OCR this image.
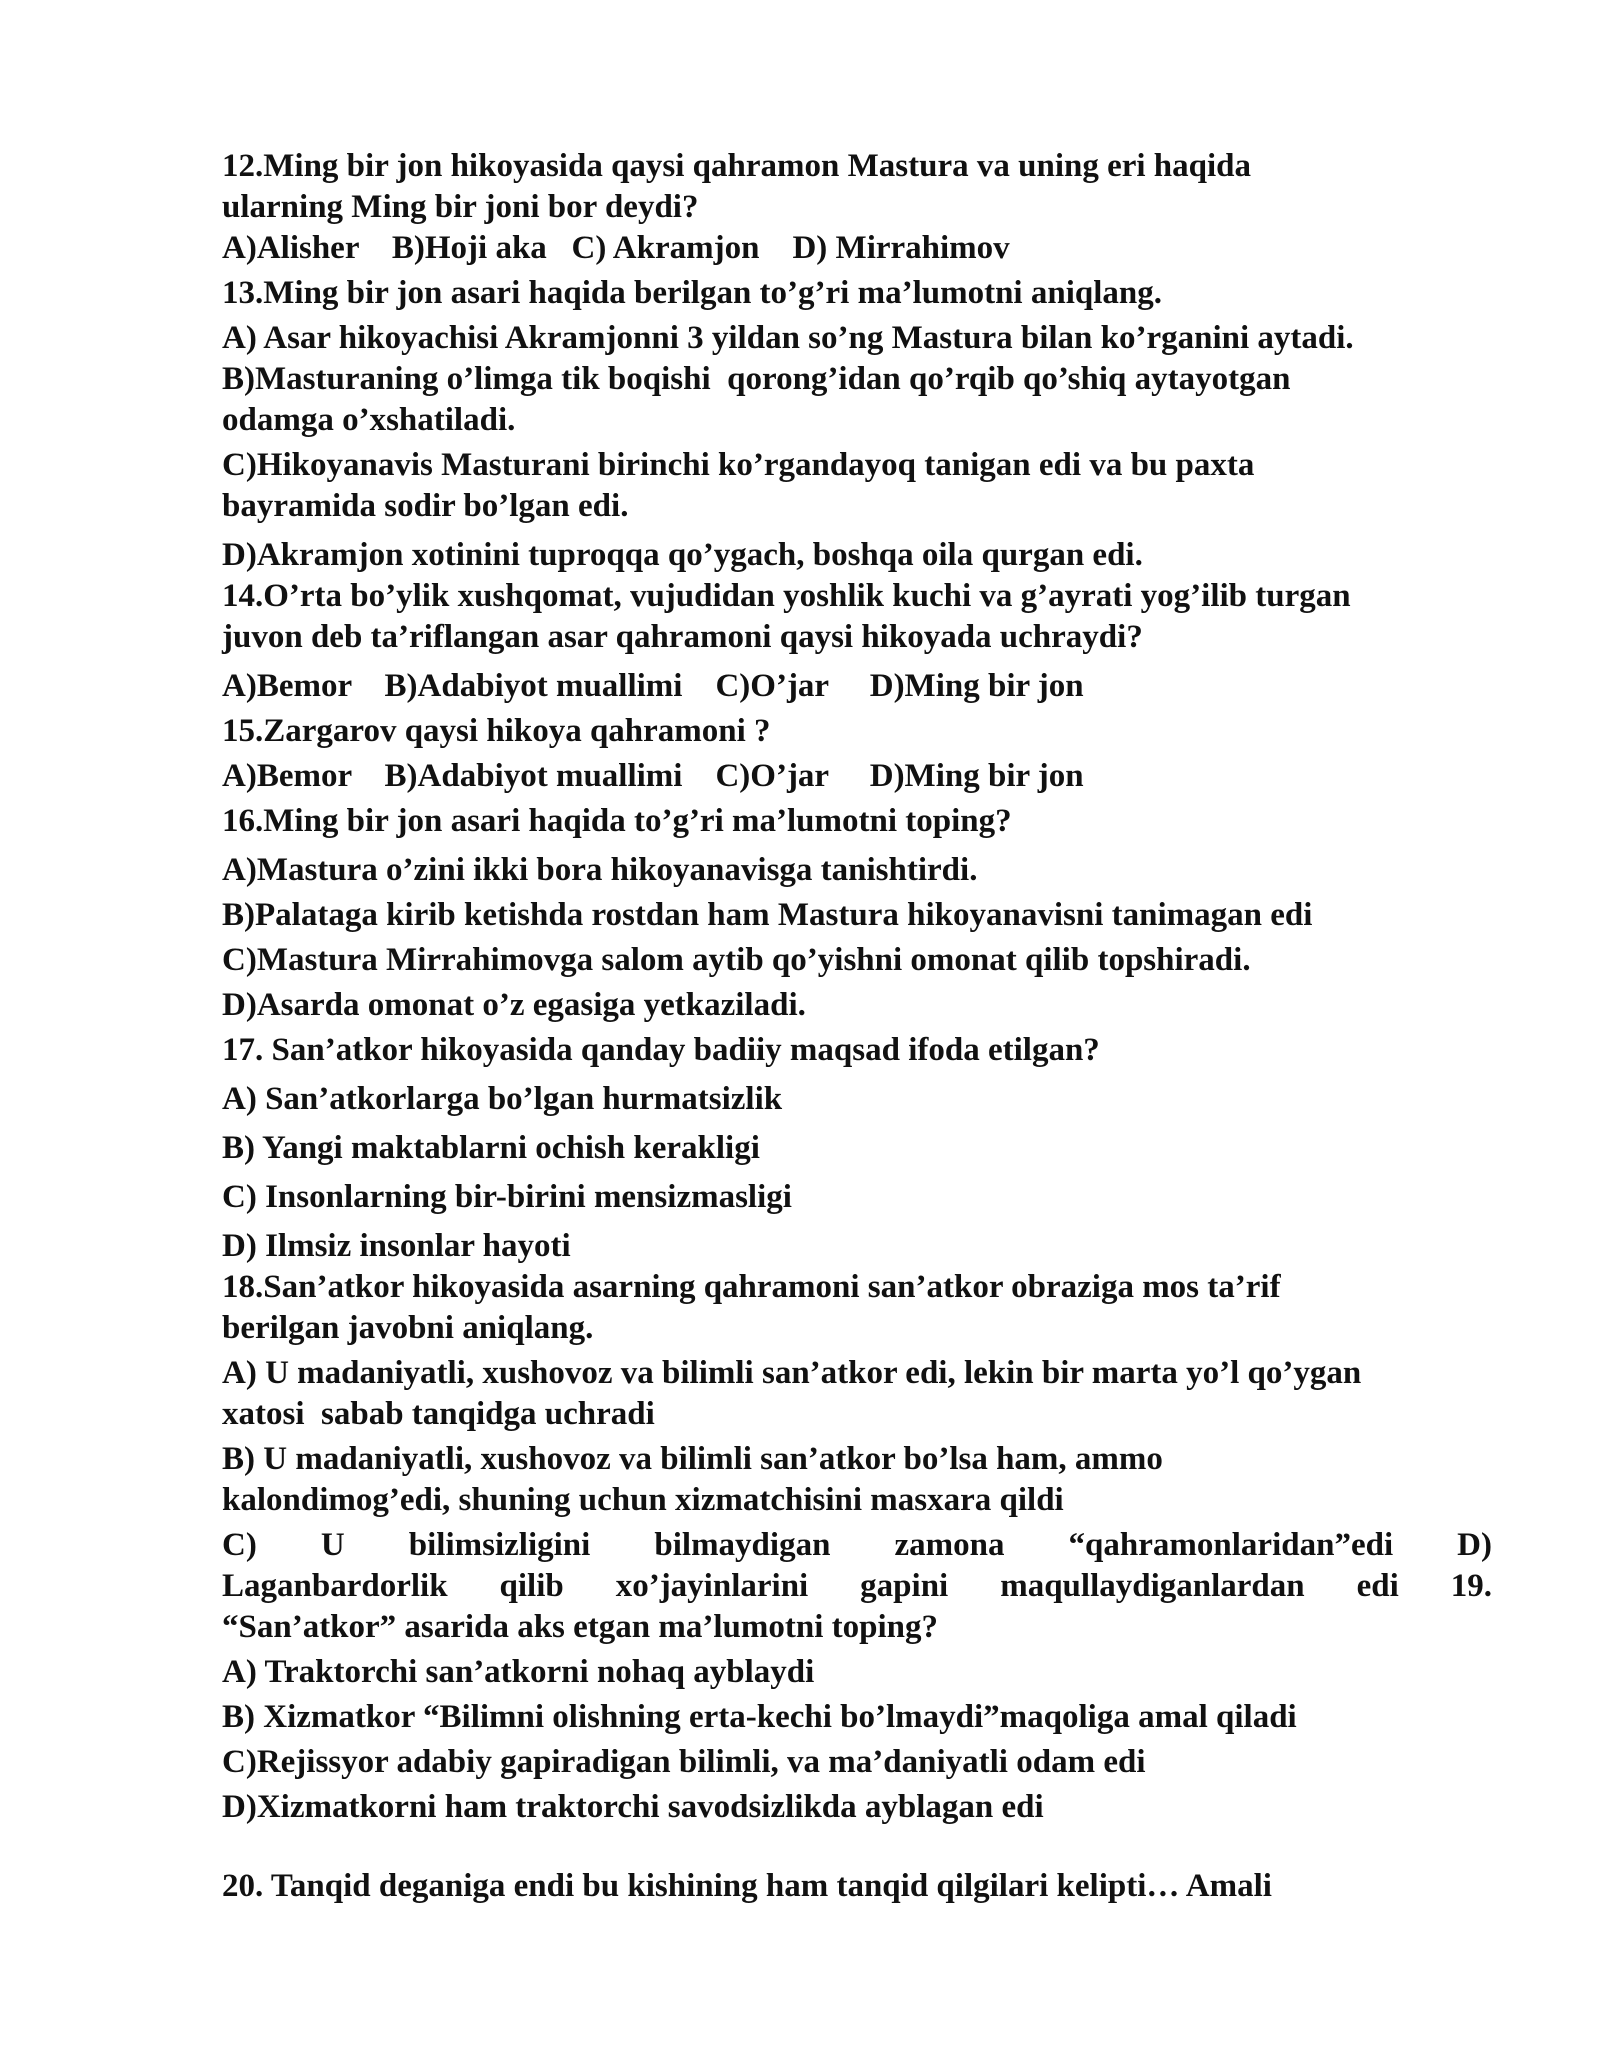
12.Ming bir jon hikoyasida qaysi qahramon Mastura va uning eri haqida
ularning Ming bir joni bor deydi?
A)Alisher    B)Hoji aka   C) Akramjon    D) Mirrahimov
13.Ming bir jon asari haqida berilgan to’g’ri ma’lumotni aniqlang.
A) Asar hikoyachisi Akramjonni 3 yildan so’ng Mastura bilan ko’rganini aytadi.
B)Masturaning o’limga tik boqishi  qorong’idan qo’rqib qo’shiq aytayotgan
odamga o’xshatiladi.
C)Hikoyanavis Masturani birinchi ko’rgandayoq tanigan edi va bu paxta
bayramida sodir bo’lgan edi.
D)Akramjon xotinini tuproqqa qo’ygach, boshqa oila qurgan edi.
14.O’rta bo’ylik xushqomat, vujudidan yoshlik kuchi va g’ayrati yog’ilib turgan
juvon deb ta’riflangan asar qahramoni qaysi hikoyada uchraydi?
A)Bemor    B)Adabiyot muallimi    C)O’jar     D)Ming bir jon
15.Zargarov qaysi hikoya qahramoni ?
A)Bemor    B)Adabiyot muallimi    C)O’jar     D)Ming bir jon
16.Ming bir jon asari haqida to’g’ri ma’lumotni toping?
A)Mastura o’zini ikki bora hikoyanavisga tanishtirdi.
B)Palataga kirib ketishda rostdan ham Mastura hikoyanavisni tanimagan edi
C)Mastura Mirrahimovga salom aytib qo’yishni omonat qilib topshiradi.
D)Asarda omonat o’z egasiga yetkaziladi.
17. San’atkor hikoyasida qanday badiiy maqsad ifoda etilgan?
A) San’atkorlarga bo’lgan hurmatsizlik
B) Yangi maktablarni ochish kerakligi
C) Insonlarning bir-birini mensizmasligi
D) Ilmsiz insonlar hayoti
18.San’atkor hikoyasida asarning qahramoni san’atkor obraziga mos ta’rif
berilgan javobni aniqlang.
A) U madaniyatli, xushovoz va bilimli san’atkor edi, lekin bir marta yo’l qo’ygan
xatosi  sabab tanqidga uchradi
B) U madaniyatli, xushovoz va bilimli san’atkor bo’lsa ham, ammo
kalondimog’edi, shuning uchun xizmatchisini masxara qildi
C) U bilimsizligini bilmaydigan zamona “qahramonlaridan”edi D)
Laganbardorlik qilib xo’jayinlarini gapini maqullaydiganlardan edi 19.
“San’atkor” asarida aks etgan ma’lumotni toping?
A) Traktorchi san’atkorni nohaq ayblaydi
B) Xizmatkor “Bilimni olishning erta-kechi bo’lmaydi”maqoliga amal qiladi
C)Rejissyor adabiy gapiradigan bilimli, va ma’daniyatli odam edi
D)Xizmatkorni ham traktorchi savodsizlikda ayblagan edi
20. Tanqid deganiga endi bu kishining ham tanqid qilgilari kelipti… Amali
